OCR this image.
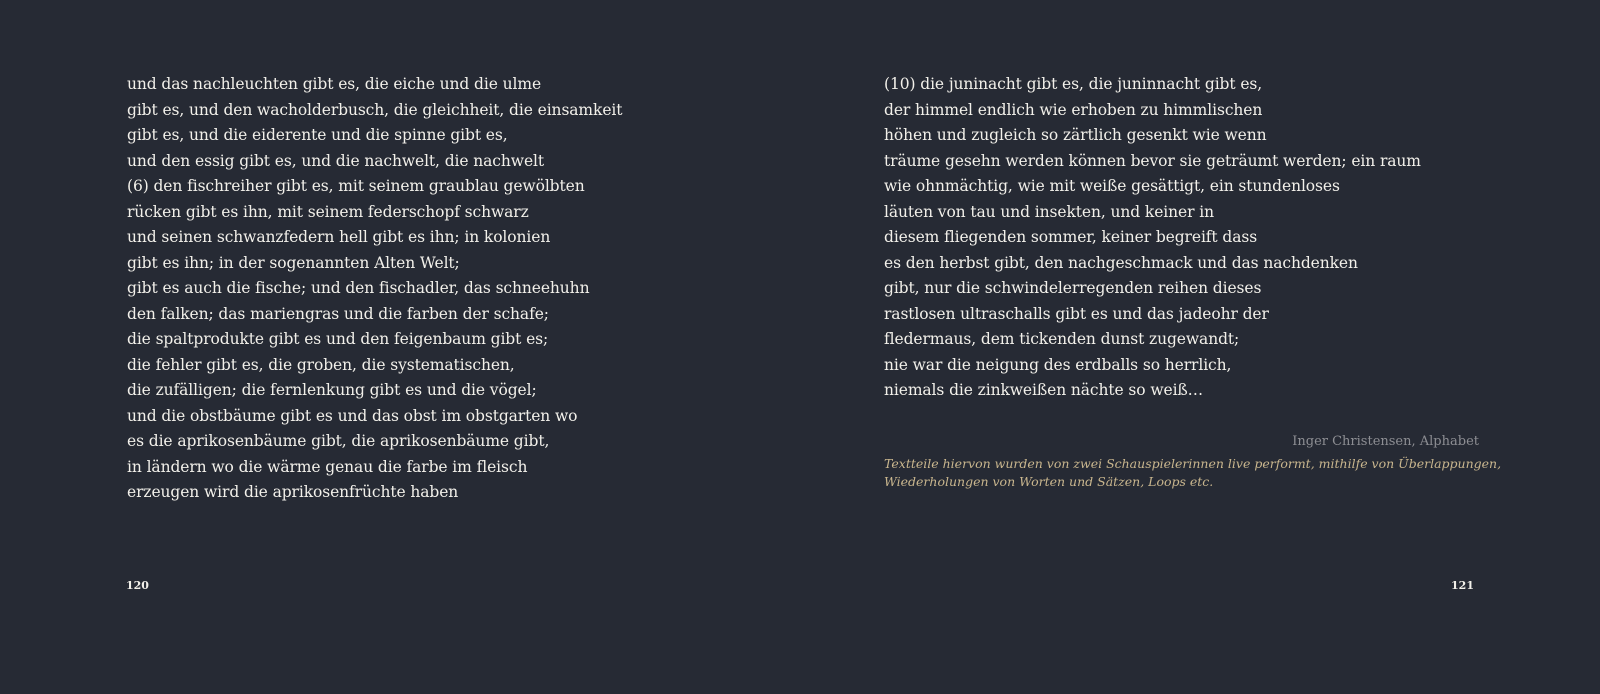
und das nachleuchten gibt es, die eiche und die ulme
gibt es, und den wacholderbusch, die gleichheit, die einsamkeit
gibt es, und die eiderente und die spinne gibt es,
und den essig gibt es, und die nachwelt, die nachwelt
(6) den fischreiher gibt es, mit seinem graublau gewölbten
rücken gibt es ihn, mit seinem federschopf schwarz
und seinen schwanzfedern hell gibt es ihn; in kolonien
gibt es ihn; in der sogenannten Alten Welt;
gibt es auch die fische; und den fischadler, das schneehuhn
den falken; das mariengras und die farben der schafe;
die spaltprodukte gibt es und den feigenbaum gibt es;
die fehler gibt es, die groben, die systematischen,
die zufälligen; die fernlenkung gibt es und die vögel;
und die obstbäume gibt es und das obst im obstgarten wo
es die aprikosenbäume gibt, die aprikosenbäume gibt,
in ländern wo die wärme genau die farbe im fleisch
erzeugen wird die aprikosenfrüchte haben
120
(10) die juninacht gibt es, die juninnacht gibt es,
der himmel endlich wie erhoben zu himmlischen
höhen und zugleich so zärtlich gesenkt wie wenn
träume gesehn werden können bevor sie geträumt werden; ein raum
wie ohnmächtig, wie mit weiße gesättigt, ein stundenloses
läuten von tau und insekten, und keiner in
diesem fliegenden sommer, keiner begreift dass
es den herbst gibt, den nachgeschmack und das nachdenken
gibt, nur die schwindelerregenden reihen dieses
rastlosen ultraschalls gibt es und das jadeohr der
fledermaus, dem tickenden dunst zugewandt;
nie war die neigung des erdballs so herrlich,
niemals die zinkweißen nächte so weiß…
Inger Christensen, Alphabet

Textteile hiervon wurden von zwei Schauspielerinnen live performt, mithilfe von Überlappungen,
Wiederholungen von Worten und Sätzen, Loops etc.

121
